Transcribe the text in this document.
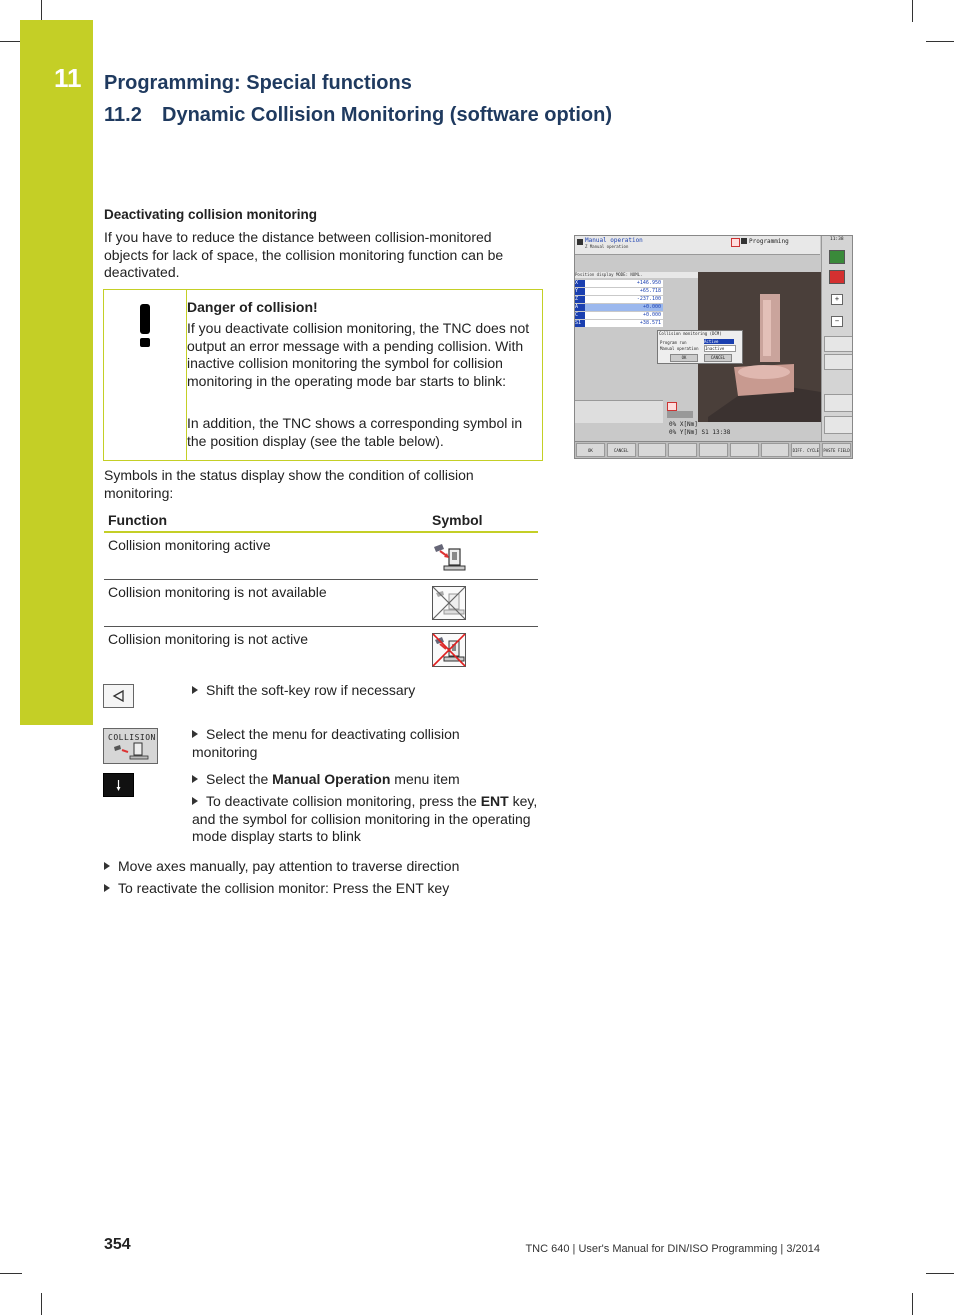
11 Programming: Special functions
11.2 Dynamic Collision Monitoring (software option)
Deactivating collision monitoring
If you have to reduce the distance between collision-monitored objects for lack of space, the collision monitoring function can be deactivated.
Danger of collision!
If you deactivate collision monitoring, the TNC does not output an error message with a pending collision. With inactive collision monitoring the symbol for collision monitoring in the operating mode bar starts to blink:
In addition, the TNC shows a corresponding symbol in the position display (see the table below).
Symbols in the status display show the condition of collision monitoring:
Function	Symbol
Collision monitoring active
Collision monitoring is not available
Collision monitoring is not active
COLLISION
Shift the soft-key row if necessary
Select the menu for deactivating collision monitoring
Select the Manual Operation menu item
To deactivate collision monitoring, press the ENT key, and the symbol for collision monitoring in the operating mode display starts to blink
Move axes manually, pay attention to traverse direction
To reactivate the collision monitor: Press the ENT key
Manual operation
Z Manual operation
Programming	11:38
+
−
Position display MODE: NOML.
Collision monitoring (DCM)
Program run	Active
Manual operation Inactive
OK	CANCEL
0% X[Nm]
0% Y[Nm] S1 13:38
OK	CANCEL	DIFF. CYCLE PASTE FIELD
X	+146.950
Y	+65.718
Z	-237.100
A	+0.000
C	+0.000
S1	+38.571
354	TNC 640 | User's Manual for DIN/ISO Programming | 3/2014
